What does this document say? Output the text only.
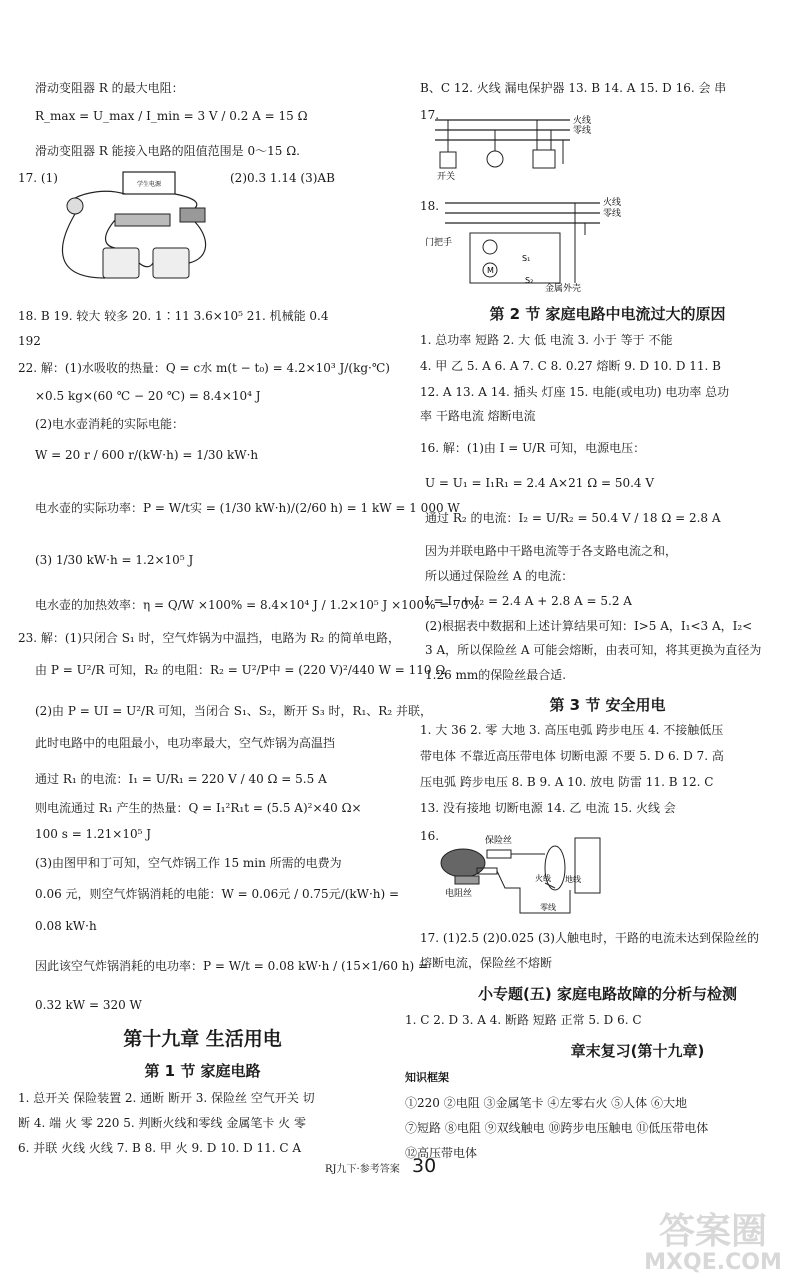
滑动变阻器 R 的最大电阻：
R_max = U_max / I_min = 3 V / 0.2 A = 15 Ω
滑动变阻器 R 能接入电路的阻值范围是 0～15 Ω.
17. (1)	(2)0.3 1.14 (3)AB
学生电源
18. B 19. 较大 较多 20. 1∶11 3.6×10⁵ 21. 机械能 0.4
192
22. 解：(1)水吸收的热量：Q = c水 m(t − t₀) = 4.2×10³ J/(kg·℃)
×0.5 kg×(60 ℃ − 20 ℃) = 8.4×10⁴ J
(2)电水壶消耗的实际电能：
W = 20 r / 600 r/(kW·h) = 1/30 kW·h
电水壶的实际功率：P = W/t实 = (1/30 kW·h)/(2/60 h) = 1 kW = 1 000 W
(3) 1/30 kW·h = 1.2×10⁵ J
电水壶的加热效率：η = Q/W ×100% = 8.4×10⁴ J / 1.2×10⁵ J ×100% = 70%
23. 解：(1)只闭合 S₁ 时，空气炸锅为中温挡，电路为 R₂ 的简单电路，
由 P = U²/R 可知，R₂ 的电阻：R₂ = U²/P中 = (220 V)²/440 W = 110 Ω
(2)由 P = UI = U²/R 可知，当闭合 S₁、S₂，断开 S₃ 时，R₁、R₂ 并联，
此时电路中的电阻最小，电功率最大，空气炸锅为高温挡
通过 R₁ 的电流：I₁ = U/R₁ = 220 V / 40 Ω = 5.5 A
则电流通过 R₁ 产生的热量：Q = I₁²R₁t = (5.5 A)²×40 Ω×
100 s = 1.21×10⁵ J
(3)由图甲和丁可知，空气炸锅工作 15 min 所需的电费为
0.06 元，则空气炸锅消耗的电能：W = 0.06元 / 0.75元/(kW·h) =
0.08 kW·h
因此该空气炸锅消耗的电功率：P = W/t = 0.08 kW·h / (15×1/60 h) =
0.32 kW = 320 W
第十九章 生活用电
第 1 节 家庭电路
1. 总开关 保险装置 2. 通断 断开 3. 保险丝 空气开关 切
断 4. 端 火 零 220 5. 判断火线和零线 金属笔卡 火 零
6. 并联 火线 火线 7. B 8. 甲 火 9. D 10. D 11. C A
B、C 12. 火线 漏电保护器 13. B 14. A 15. D 16. 会 串
17.	火线
零线
开关
18.	火线
零线
M
S₁
S₂
门把手
金属外壳
第 2 节 家庭电路中电流过大的原因
1. 总功率 短路 2. 大 低 电流 3. 小于 等于 不能
4. 甲 乙 5. A 6. A 7. C 8. 0.27 熔断 9. D 10. D 11. B
12. A 13. A 14. 插头 灯座 15. 电能(或电功) 电功率 总功
率 干路电流 熔断电流
16. 解：(1)由 I = U/R 可知，电源电压：
U = U₁ = I₁R₁ = 2.4 A×21 Ω = 50.4 V
通过 R₂ 的电流：I₂ = U/R₂ = 50.4 V / 18 Ω = 2.8 A
因为并联电路中干路电流等于各支路电流之和，
所以通过保险丝 A 的电流：
I = I₁ + I₂ = 2.4 A + 2.8 A = 5.2 A
(2)根据表中数据和上述计算结果可知：I>5 A，I₁<3 A，I₂<
3 A，所以保险丝 A 可能会熔断，由表可知，将其更换为直径为
1.26 mm的保险丝最合适.
第 3 节 安全用电
1. 大 36 2. 零 大地 3. 高压电弧 跨步电压 4. 不接触低压
带电体 不靠近高压带电体 切断电源 不要 5. D 6. D 7. 高
压电弧 跨步电压 8. B 9. A 10. 放电 防雷 11. B 12. C
13. 没有接地 切断电源 14. 乙 电流 15. 火线 会
16.	保险丝
电阻丝
火线 地线
零线
17. (1)2.5 (2)0.025 (3)人触电时，干路的电流未达到保险丝的
熔断电流，保险丝不熔断
小专题(五) 家庭电路故障的分析与检测
1. C 2. D 3. A 4. 断路 短路 正常 5. D 6. C
章末复习(第十九章)
知识框架
①220 ②电阻 ③金属笔卡 ④左零右火 ⑤人体 ⑥大地
⑦短路 ⑧电阻 ⑨双线触电 ⑩跨步电压触电 ⑪低压带电体
⑫高压带电体
RJ九下·参考答案 30
答案圈
MXQE.COM
